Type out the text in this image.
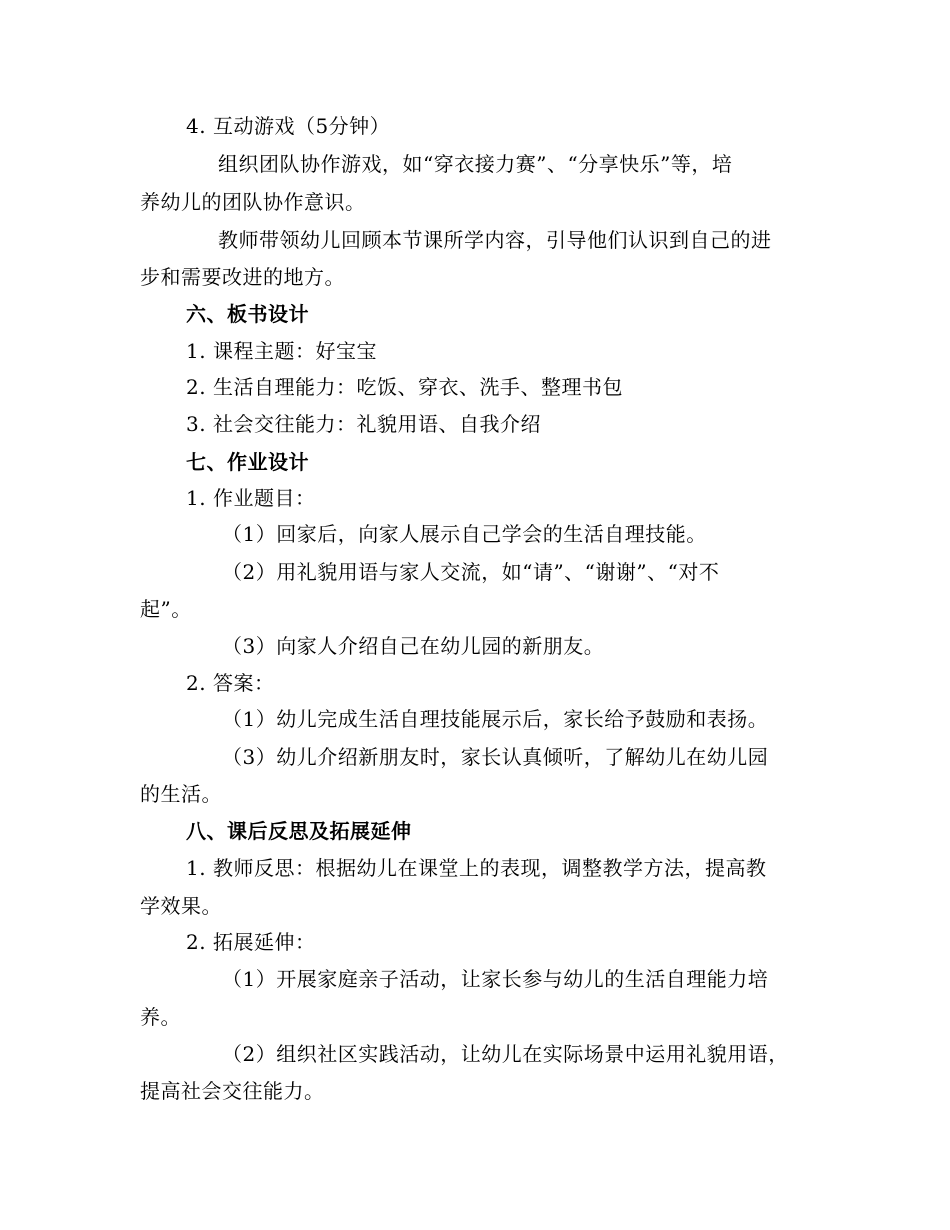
4. 互动游戏（5分钟）
组织团队协作游戏，如“穿衣接力赛”、“分享快乐”等，培
养幼儿的团队协作意识。
教师带领幼儿回顾本节课所学内容，引导他们认识到自己的进
步和需要改进的地方。
六、板书设计
1. 课程主题：好宝宝
2. 生活自理能力：吃饭、穿衣、洗手、整理书包
3. 社会交往能力：礼貌用语、自我介绍
七、作业设计
1. 作业题目：
（1）回家后，向家人展示自己学会的生活自理技能。
（2）用礼貌用语与家人交流，如“请”、“谢谢”、“对不
起”。
（3）向家人介绍自己在幼儿园的新朋友。
2. 答案：
（1）幼儿完成生活自理技能展示后，家长给予鼓励和表扬。
（3）幼儿介绍新朋友时，家长认真倾听，了解幼儿在幼儿园
的生活。
八、课后反思及拓展延伸
1. 教师反思：根据幼儿在课堂上的表现，调整教学方法，提高教
学效果。
2. 拓展延伸：
（1）开展家庭亲子活动，让家长参与幼儿的生活自理能力培
养。
（2）组织社区实践活动，让幼儿在实际场景中运用礼貌用语，
提高社会交往能力。
